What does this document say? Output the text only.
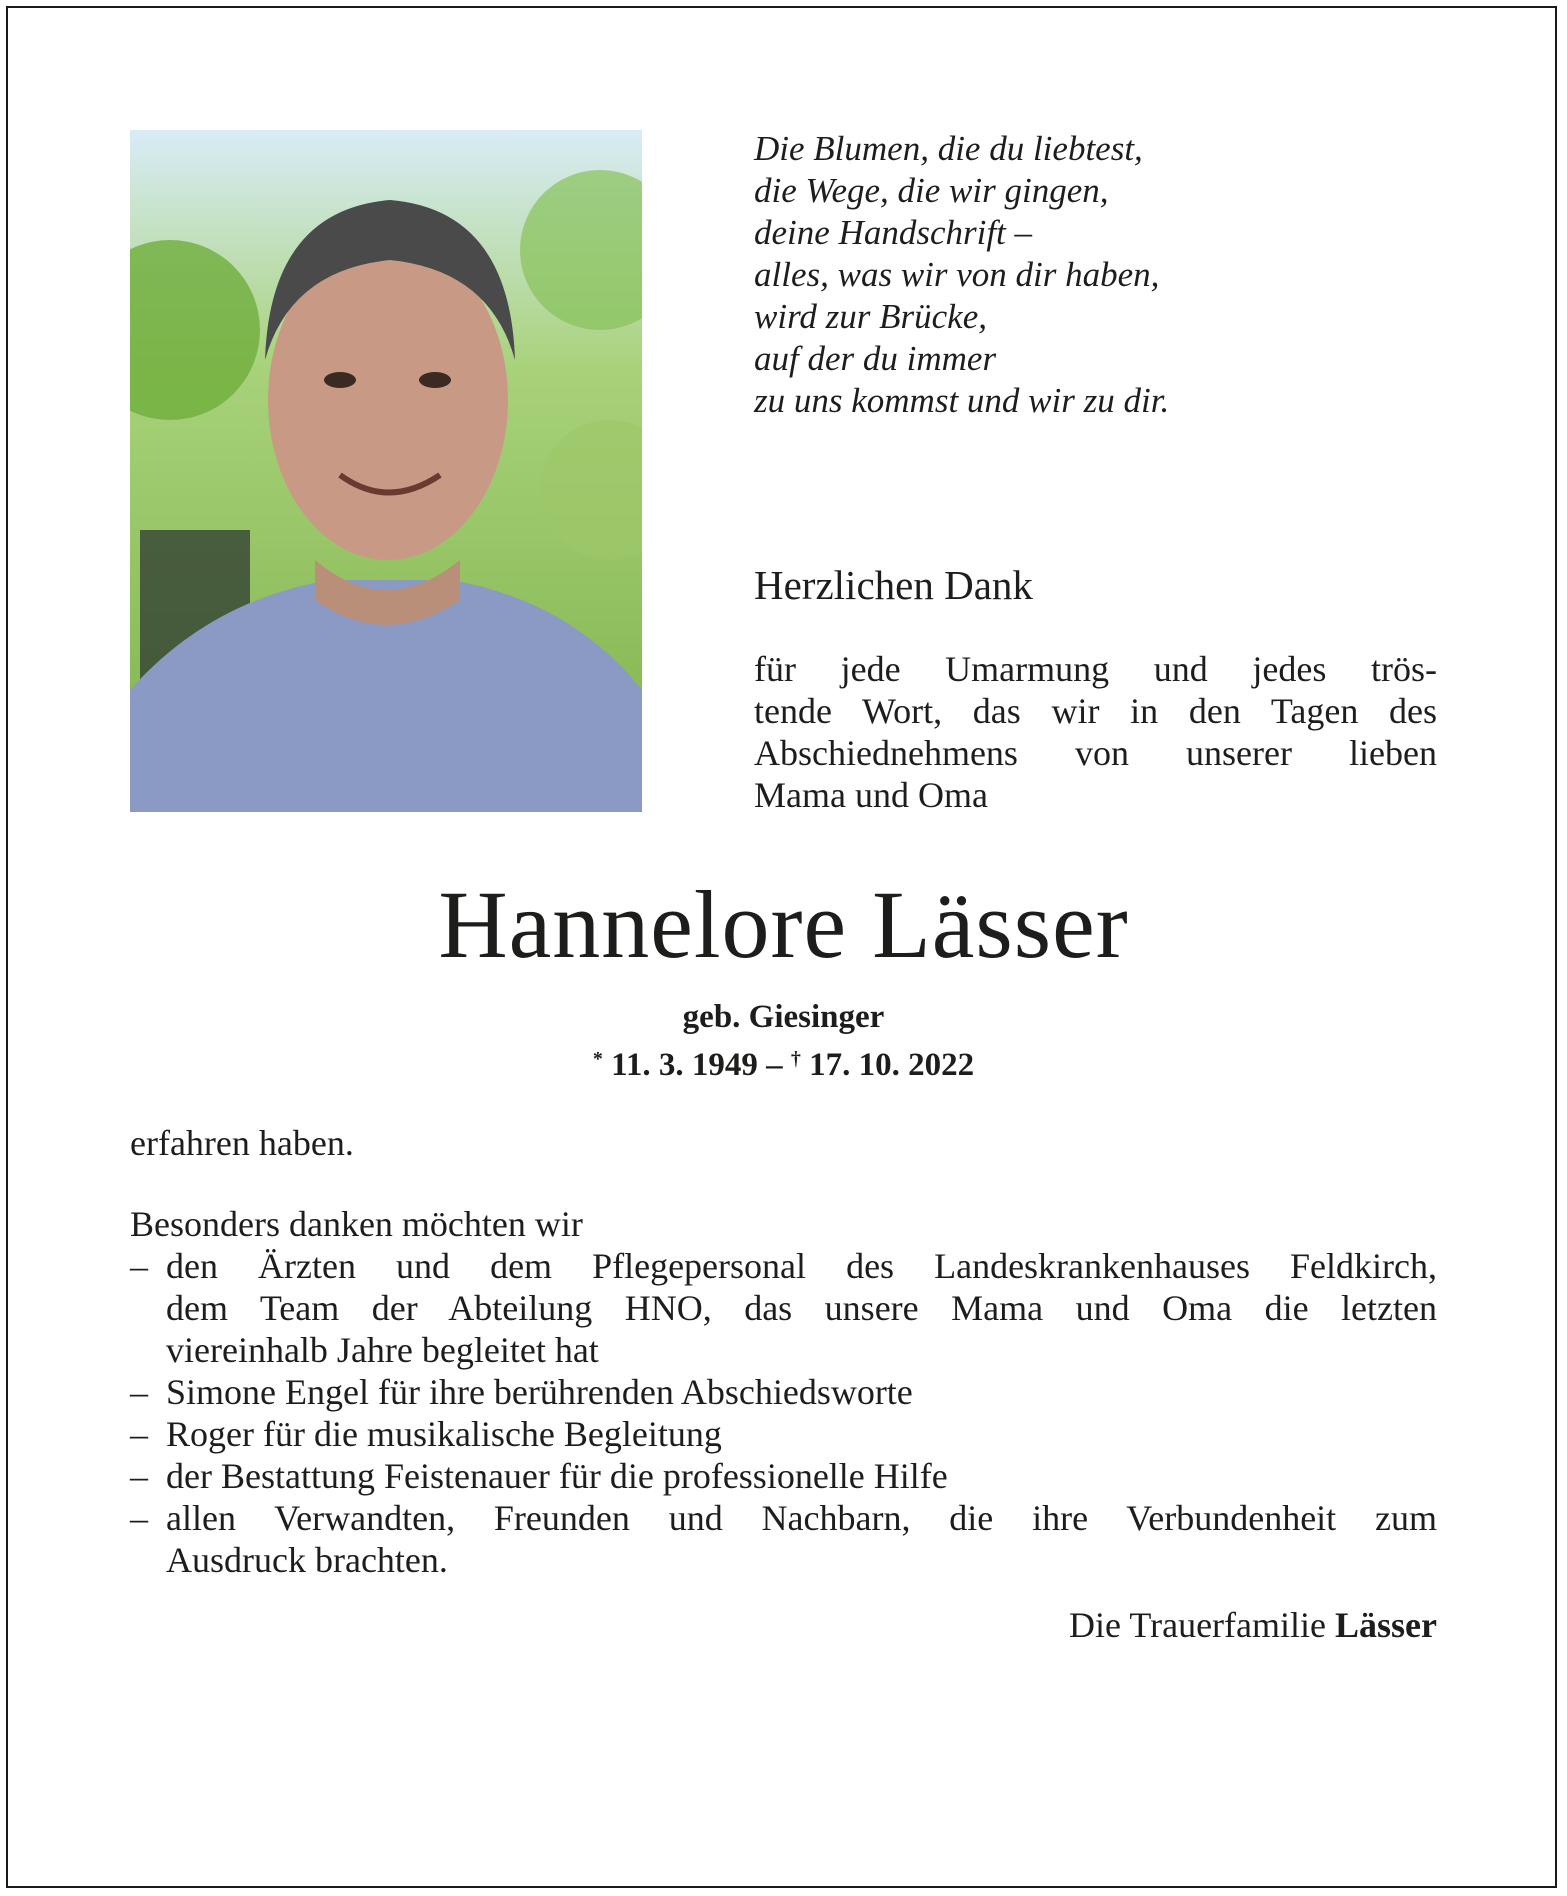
Die Blumen, die du liebtest,
die Wege, die wir gingen,
deine Handschrift –
alles, was wir von dir haben,
wird zur Brücke,
auf der du immer
zu uns kommst und wir zu dir.
Herzlichen Dank
für jede Umarmung und jedes trös-
tende Wort, das wir in den Tagen des
Abschiednehmens von unserer lieben
Mama und Oma
Hannelore Lässer
geb. Giesinger
* 11. 3. 1949 – † 17. 10. 2022
erfahren haben.
Besonders danken möchten wir
– den Ärzten und dem Pflegepersonal des Landeskrankenhauses Feldkirch,
dem Team der Abteilung HNO, das unsere Mama und Oma die letzten
viereinhalb Jahre begleitet hat
– Simone Engel für ihre berührenden Abschiedsworte
– Roger für die musikalische Begleitung
– der Bestattung Feistenauer für die professionelle Hilfe
– allen Verwandten, Freunden und Nachbarn, die ihre Verbundenheit zum
Ausdruck brachten.
Die Trauerfamilie Lässer
